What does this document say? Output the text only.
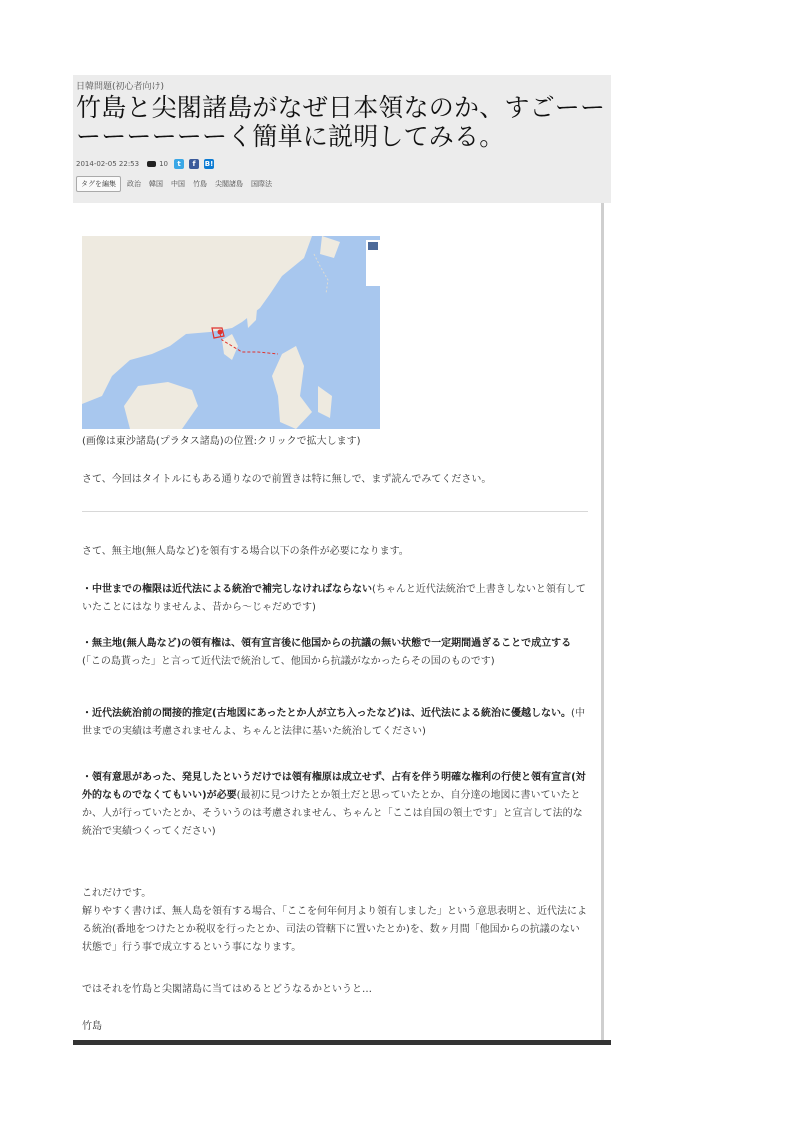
日韓問題(初心者向け)
竹島と尖閣諸島がなぜ日本領なのか、すごーーーーーーーーく簡単に説明してみる。
2014-02-05 22:53	10	t	f	B!
タグを編集	政治 韓国 中国 竹島 尖閣諸島 国際法
(画像は東沙諸島(プラタス諸島)の位置:クリックで拡大します)

さて、今回はタイトルにもある通りなので前置きは特に無しで、まず読んでみてください。

さて、無主地(無人島など)を領有する場合以下の条件が必要になります。

・中世までの権限は近代法による統治で補完しなければならない(ちゃんと近代法統治で上書きしないと領有していたことにはなりませんよ、昔から〜じゃだめです)

・無主地(無人島など)の領有権は、領有宣言後に他国からの抗議の無い状態で一定期間過ぎることで成立する(「この島貰った」と言って近代法で統治して、他国から抗議がなかったらその国のものです)

・近代法統治前の間接的推定(古地図にあったとか人が立ち入ったなど)は、近代法による統治に優越しない。(中世までの実績は考慮されませんよ、ちゃんと法律に基いた統治してください)

・領有意思があった、発見したというだけでは領有権原は成立せず、占有を伴う明確な権利の行使と領有宣言(対外的なものでなくてもいい)が必要(最初に見つけたとか領土だと思っていたとか、自分達の地図に書いていたとか、人が行っていたとか、そういうのは考慮されません、ちゃんと「ここは自国の領土です」と宣言して法的な統治で実績つくってください)

これだけです。

解りやすく書けば、無人島を領有する場合、「ここを何年何月より領有しました」という意思表明と、近代法による統治(番地をつけたとか税収を行ったとか、司法の管轄下に置いたとか)を、数ヶ月間「他国からの抗議のない状態で」行う事で成立するという事になります。

ではそれを竹島と尖閣諸島に当てはめるとどうなるかというと…

竹島
